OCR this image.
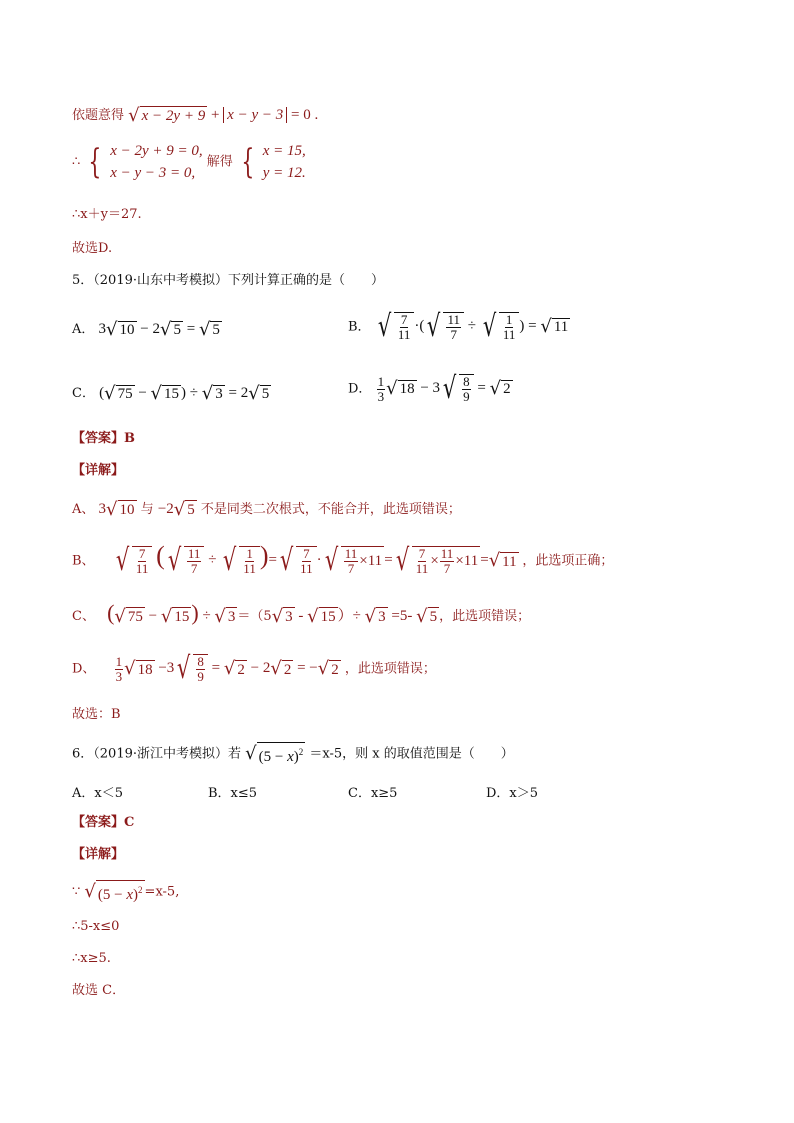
依题意得 √ x − 2y + 9 + x − y − 3 = 0 .
∴ { x − 2y + 9 = 0,
x − y − 3 = 0,
解得 { x = 15,
y = 12.
∴x＋y＝27.
故选D.
5．（2019·山东中考模拟）下列计算正确的是（　　）
A． 3 √ 10 − 2 √ 5 = √ 5	B． √ $\frac{7}{11}$ ·( √ $\frac{11}{7}$ ÷ √ $\frac{1}{11}$ ) = √ 11
C． ( √ 75 − √ 15 ) ÷ √ 3 = 2 √ 5	D． $\frac{1}{3}$ √ 18 − 3 √ $\frac{8}{9}$ = √ 2
【答案】B
【详解】
A、 3 √ 10 与 −2 √ 5 不是同类二次根式，不能合并，此选项错误；
B、 √ $\frac{7}{11}$ ( √ $\frac{11}{7}$ ÷ √ $\frac{1}{11}$ )= √ $\frac{7}{11}$ · √ $\frac{11}{7} \times 11$ = √ $\frac{7}{11} \times \frac{11}{7} \times 11$ = √ 11 ，此选项正确；
C、 ( √ 75 − √ 15 ) ÷ √ 3 ＝（5 √ 3 - √ 15 ）÷ √ 3 =5- √ 5 ，此选项错误；
D、 $\frac{1}{3}$ √ 18 −3 √ $\frac{8}{9}$ = √ 2 − 2 √ 2 = − √ 2 ，此选项错误；
故选：B
6．（2019·浙江中考模拟）若 √ $(5 - x)^2 =x-5$，则 x 的取值范围是（　　）
A．x＜5	B．x≤5	C．x≥5	D．x＞5
【答案】C
【详解】
∵ √ $(5 - x)^2 =x-5$,
∴5-x≤0
∴x≥5.
故选 C．
